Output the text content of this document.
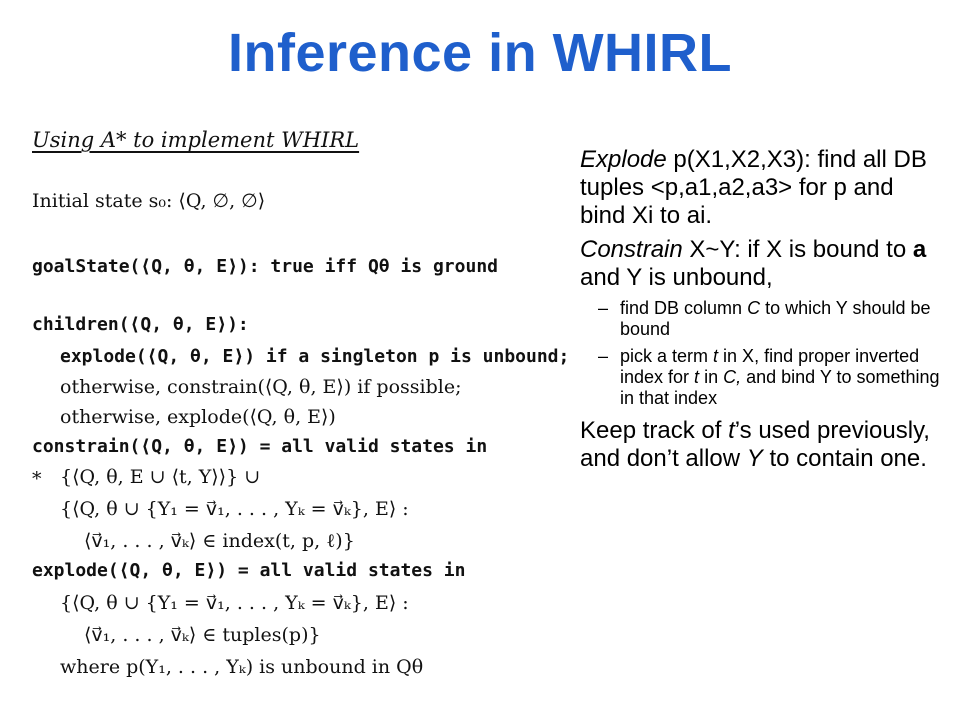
Inference in WHIRL
Using A* to implement WHIRL
Initial state s₀: ⟨Q, ∅, ∅⟩
goalState(⟨Q, θ, E⟩): true iff Qθ is ground
children(⟨Q, θ, E⟩):
explode(⟨Q, θ, E⟩) if a singleton p is unbound;
otherwise, constrain(⟨Q, θ, E⟩) if possible;
otherwise, explode(⟨Q, θ, E⟩)
constrain(⟨Q, θ, E⟩) = all valid states in
* {⟨Q, θ, E ∪ ⟨t, Y⟩⟩} ∪
{⟨Q, θ ∪ {Y₁ = v⃗₁, . . . , Yₖ = v⃗ₖ}, E⟩ :
⟨v⃗₁, . . . , v⃗ₖ⟩ ∈ index(t, p, ℓ)}
explode(⟨Q, θ, E⟩) = all valid states in
{⟨Q, θ ∪ {Y₁ = v⃗₁, . . . , Yₖ = v⃗ₖ}, E⟩ :
⟨v⃗₁, . . . , v⃗ₖ⟩ ∈ tuples(p)}
where p(Y₁, . . . , Yₖ) is unbound in Qθ

Explode p(X1,X2,X3): find all DB tuples <p,a1,a2,a3> for p and bind Xi to ai.

Constrain X~Y: if X is bound to a and Y is unbound,

– find DB column C to which Y should be bound
– pick a term t in X, find proper inverted index for t in C, and bind Y to something in that index

Keep track of t’s used previously, and don’t allow Y to contain one.
